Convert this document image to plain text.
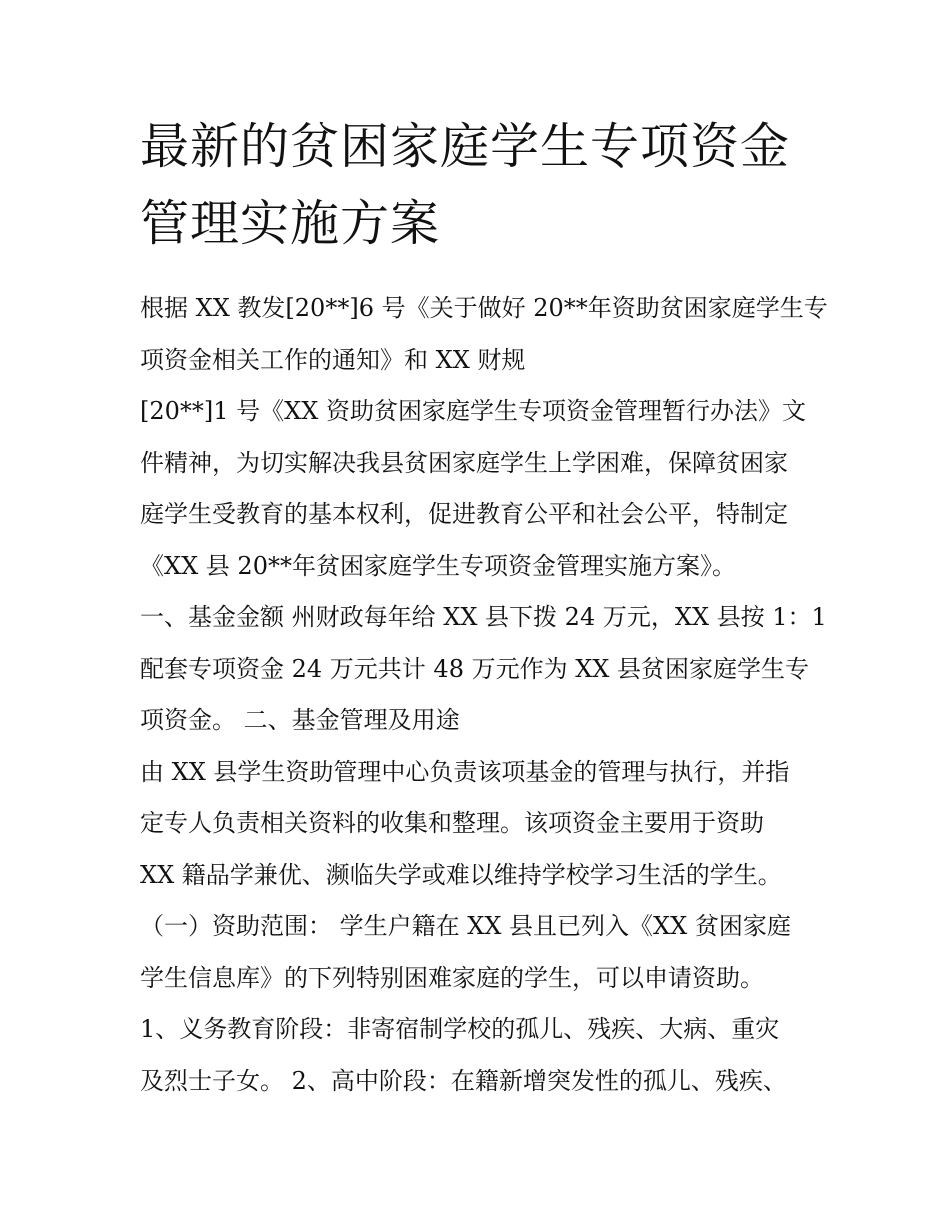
最新的贫困家庭学生专项资金
管理实施方案
根据 XX 教发[20**]6 号《关于做好 20**年资助贫困家庭学生专
项资金相关工作的通知》和 XX 财规
[20**]1 号《XX 资助贫困家庭学生专项资金管理暂行办法》文
件精神，为切实解决我县贫困家庭学生上学困难，保障贫困家
庭学生受教育的基本权利，促进教育公平和社会公平，特制定
《XX 县 20**年贫困家庭学生专项资金管理实施方案》。
一、基金金额 州财政每年给 XX 县下拨 24 万元，XX 县按 1：1
配套专项资金 24 万元共计 48 万元作为 XX 县贫困家庭学生专
项资金。 二、基金管理及用途
由 XX 县学生资助管理中心负责该项基金的管理与执行，并指
定专人负责相关资料的收集和整理。该项资金主要用于资助
XX 籍品学兼优、濒临失学或难以维持学校学习生活的学生。
（一）资助范围： 学生户籍在 XX 县且已列入《XX 贫困家庭
学生信息库》的下列特别困难家庭的学生，可以申请资助。
1、义务教育阶段：非寄宿制学校的孤儿、残疾、大病、重灾
及烈士子女。 2、高中阶段：在籍新增突发性的孤儿、残疾、
